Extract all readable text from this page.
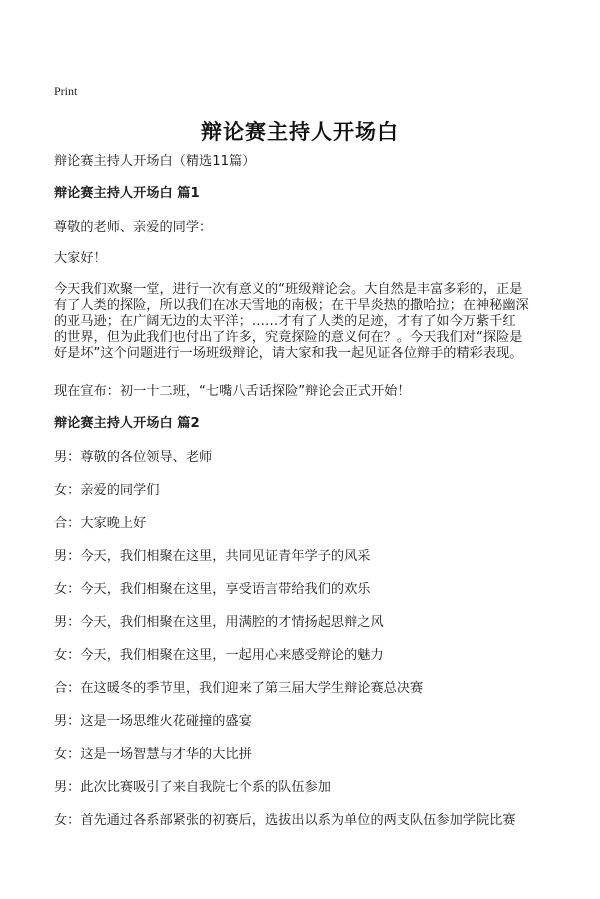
Print
辩论赛主持人开场白

辩论赛主持人开场白（精选11篇）

辩论赛主持人开场白 篇1

尊敬的老师、亲爱的同学：

大家好！

今天我们欢聚一堂，进行一次有意义的“班级辩论会。大自然是丰富多彩的，正是
有了人类的探险，所以我们在冰天雪地的南极；在干旱炎热的撒哈拉；在神秘幽深
的亚马逊；在广阔无边的太平洋；……才有了人类的足迹，才有了如今万紫千红
的世界，但为此我们也付出了许多，究竟探险的意义何在？。今天我们对“探险是
好是坏”这个问题进行一场班级辩论，请大家和我一起见证各位辩手的精彩表现。

现在宣布：初一十二班，“七嘴八舌话探险”辩论会正式开始！

辩论赛主持人开场白 篇2

男：尊敬的各位领导、老师

女：亲爱的同学们

合：大家晚上好

男：今天，我们相聚在这里，共同见证青年学子的风采

女：今天，我们相聚在这里，享受语言带给我们的欢乐

男：今天，我们相聚在这里，用满腔的才情扬起思辩之风

女：今天，我们相聚在这里，一起用心来感受辩论的魅力

合：在这暖冬的季节里，我们迎来了第三届大学生辩论赛总决赛

男：这是一场思维火花碰撞的盛宴

女：这是一场智慧与才华的大比拼

男：此次比赛吸引了来自我院七个系的队伍参加

女：首先通过各系部紧张的初赛后，选拔出以系为单位的两支队伍参加学院比赛
